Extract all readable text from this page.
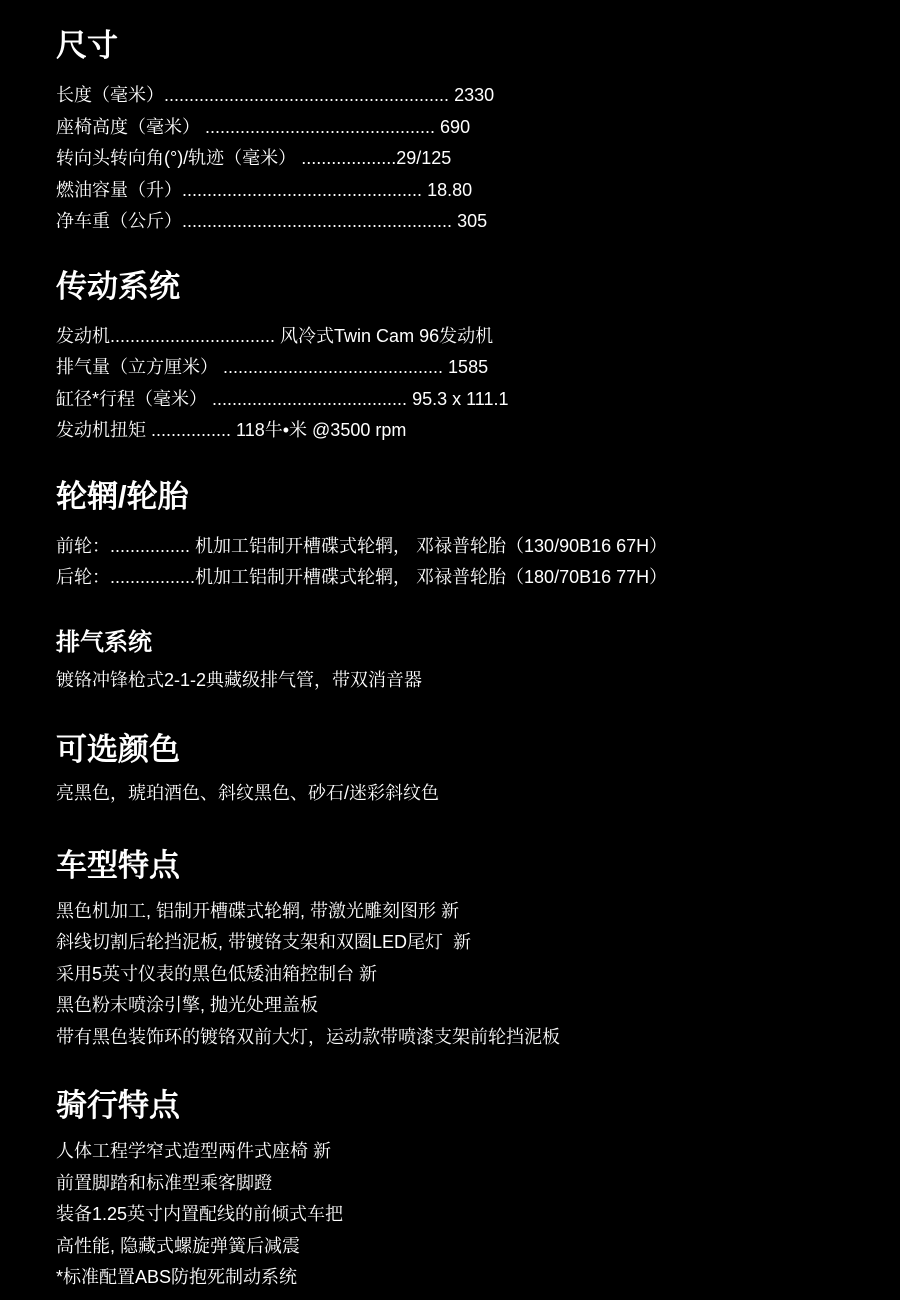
尺寸
长度（毫米）......................................................... 2330
座椅高度（毫米） .............................................. 690
转向头转向角(°)/轨迹（毫米） ...................29/125
燃油容量（升）................................................ 18.80
净车重（公斤）...................................................... 305
传动系统
发动机................................. 风冷式Twin Cam 96发动机
排气量（立方厘米） ............................................ 1585
缸径*行程（毫米） ....................................... 95.3 x 111.1
发动机扭矩 ................ 118牛•米 @3500 rpm
轮辋/轮胎
前轮：................ 机加工铝制开槽碟式轮辋， 邓禄普轮胎（130/90B16 67H）
后轮：.................机加工铝制开槽碟式轮辋， 邓禄普轮胎（180/70B16 77H）
排气系统
镀铬冲锋枪式2-1-2典藏级排气管，带双消音器
可选颜色
亮黑色，琥珀酒色、斜纹黑色、砂石/迷彩斜纹色
车型特点
黑色机加工, 铝制开槽碟式轮辋, 带激光雕刻图形 新
斜线切割后轮挡泥板, 带镀铬支架和双圈LED尾灯  新
采用5英寸仪表的黑色低矮油箱控制台 新
黑色粉末喷涂引擎, 抛光处理盖板
带有黑色装饰环的镀铬双前大灯，运动款带喷漆支架前轮挡泥板
骑行特点
人体工程学窄式造型两件式座椅 新
前置脚踏和标准型乘客脚蹬
装备1.25英寸内置配线的前倾式车把
高性能, 隐藏式螺旋弹簧后减震
*标准配置ABS防抱死制动系统
